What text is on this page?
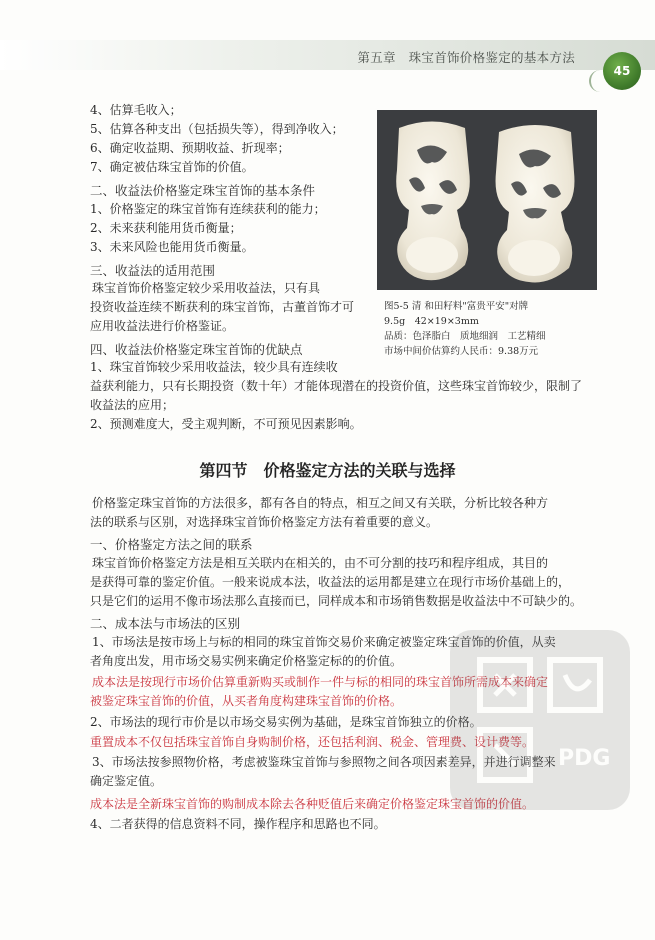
第五章　珠宝首饰价格鉴定的基本方法
45
4、估算毛收入；
5、估算各种支出（包括损失等），得到净收入；
6、确定收益期、预期收益、折现率；
7、确定被估珠宝首饰的价值。
二、收益法价格鉴定珠宝首饰的基本条件
1、价格鉴定的珠宝首饰有连续获利的能力；
2、未来获利能用货币衡量；
3、未来风险也能用货币衡量。
三、收益法的适用范围
珠宝首饰价格鉴定较少采用收益法，只有具
投资收益连续不断获利的珠宝首饰，古董首饰才可
应用收益法进行价格鉴证。
四、收益法价格鉴定珠宝首饰的优缺点
1、珠宝首饰较少采用收益法，较少具有连续收
益获利能力，只有长期投资（数十年）才能体现潜在的投资价值，这些珠宝首饰较少，限制了
收益法的应用；
2、预测难度大，受主观判断，不可预见因素影响。
图5-5 清 和田籽料"富贵平安"对牌
9.5g　42×19×3mm
品质：色泽脂白　质地细润　工艺精细
市场中间价估算约人民币：9.38万元
第四节　价格鉴定方法的关联与选择
价格鉴定珠宝首饰的方法很多，都有各自的特点，相互之间又有关联，分析比较各种方
法的联系与区别，对选择珠宝首饰价格鉴定方法有着重要的意义。
一、价格鉴定方法之间的联系
珠宝首饰价格鉴定方法是相互关联内在相关的，由不可分割的技巧和程序组成，其目的
是获得可靠的鉴定价值。一般来说成本法，收益法的运用都是建立在现行市场价基础上的，
只是它们的运用不像市场法那么直接而已，同样成本和市场销售数据是收益法中不可缺少的。
二、成本法与市场法的区别
1、市场法是按市场上与标的相同的珠宝首饰交易价来确定被鉴定珠宝首饰的价值，从卖
者角度出发，用市场交易实例来确定价格鉴定标的的价值。
成本法是按现行市场价估算重新购买或制作一件与标的相同的珠宝首饰所需成本来确定
被鉴定珠宝首饰的价值，从买者角度构建珠宝首饰的价格。
2、市场法的现行市价是以市场交易实例为基础，是珠宝首饰独立的价格。
重置成本不仅包括珠宝首饰自身购制价格，还包括利润、税金、管理费、设计费等。
3、市场法按参照物价格，考虑被鉴珠宝首饰与参照物之间各项因素差异，并进行调整来
确定鉴定值。
成本法是全新珠宝首饰的购制成本除去各种贬值后来确定价格鉴定珠宝首饰的价值。
4、二者获得的信息资料不同，操作程序和思路也不同。
PDG
